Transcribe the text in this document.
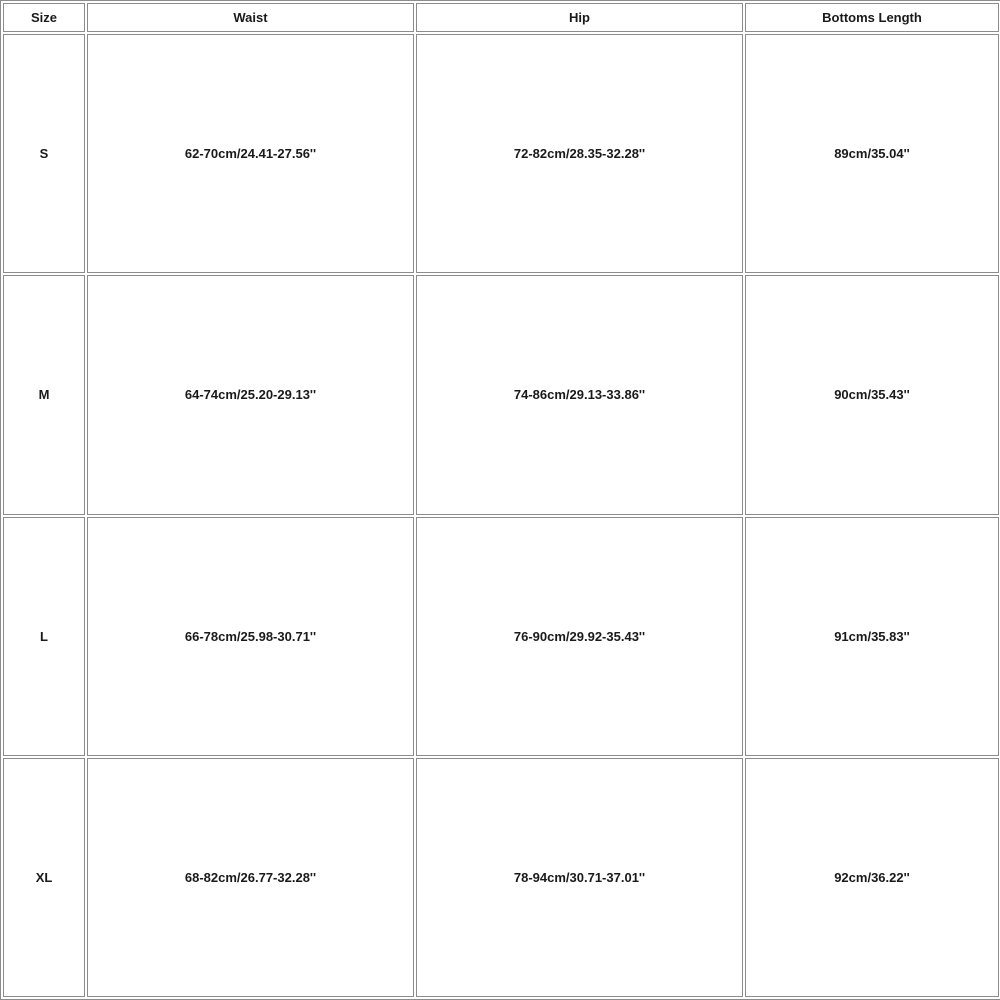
Size	Waist	Hip	Bottoms Length
S	62-70cm/24.41-27.56''	72-82cm/28.35-32.28''	89cm/35.04''
M	64-74cm/25.20-29.13''	74-86cm/29.13-33.86''	90cm/35.43''
L	66-78cm/25.98-30.71''	76-90cm/29.92-35.43''	91cm/35.83''
XL	68-82cm/26.77-32.28''	78-94cm/30.71-37.01''	92cm/36.22''
